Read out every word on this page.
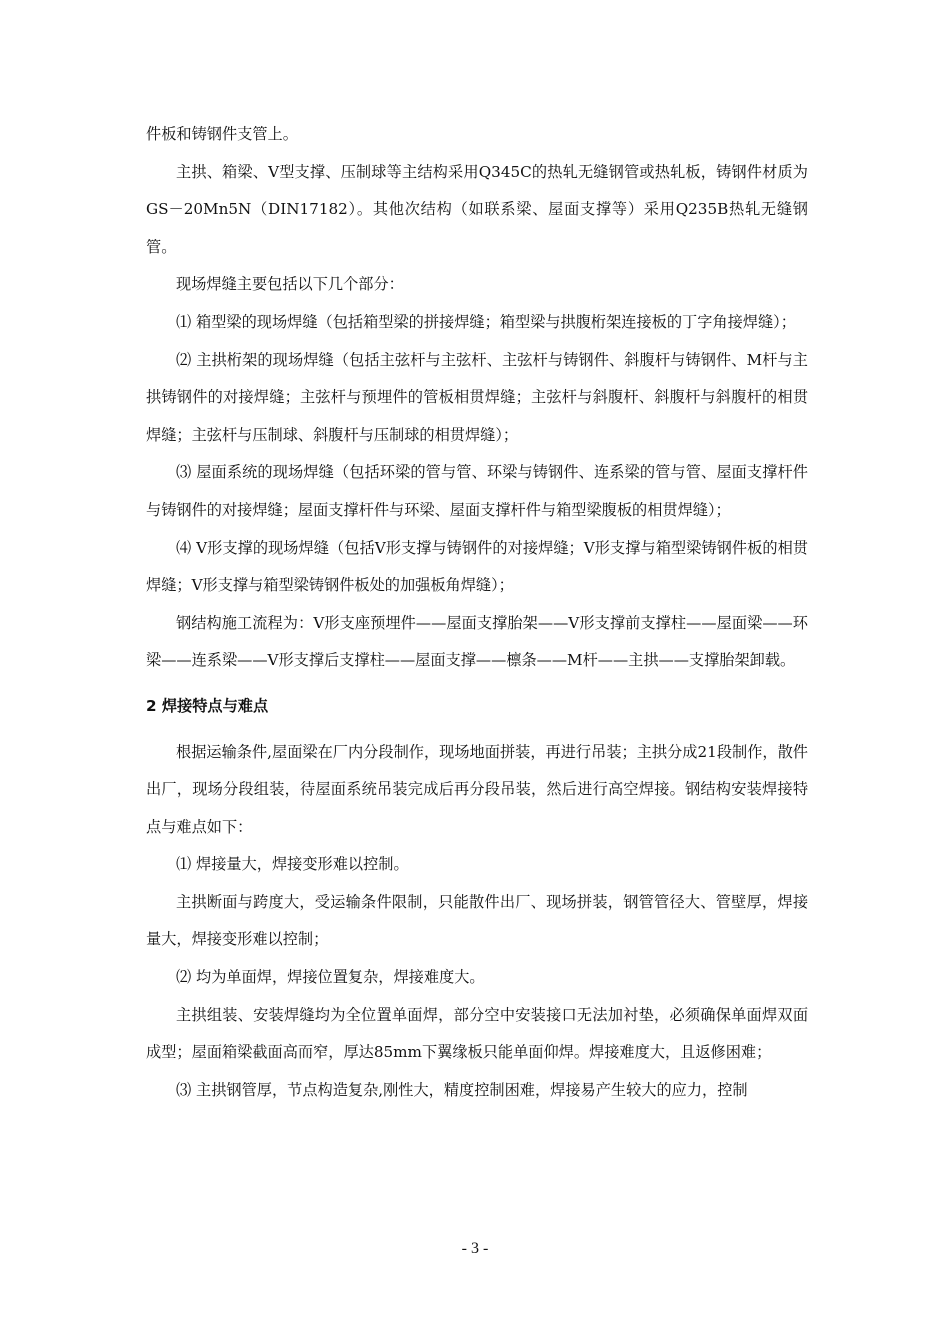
件板和铸钢件支管上。

主拱、箱梁、V型支撑、压制球等主结构采用Q345C的热轧无缝钢管或热轧板，铸钢件材质为GS－20Mn5N（DIN17182）。其他次结构（如联系梁、屋面支撑等）采用Q235B热轧无缝钢管。

现场焊缝主要包括以下几个部分：

⑴ 箱型梁的现场焊缝（包括箱型梁的拼接焊缝；箱型梁与拱腹桁架连接板的丁字角接焊缝）；

⑵ 主拱桁架的现场焊缝（包括主弦杆与主弦杆、主弦杆与铸钢件、斜腹杆与铸钢件、M杆与主拱铸钢件的对接焊缝；主弦杆与预埋件的管板相贯焊缝；主弦杆与斜腹杆、斜腹杆与斜腹杆的相贯焊缝；主弦杆与压制球、斜腹杆与压制球的相贯焊缝）；

⑶ 屋面系统的现场焊缝（包括环梁的管与管、环梁与铸钢件、连系梁的管与管、屋面支撑杆件与铸钢件的对接焊缝；屋面支撑杆件与环梁、屋面支撑杆件与箱型梁腹板的相贯焊缝）；

⑷ V形支撑的现场焊缝（包括V形支撑与铸钢件的对接焊缝；V形支撑与箱型梁铸钢件板的相贯焊缝；V形支撑与箱型梁铸钢件板处的加强板角焊缝）；

钢结构施工流程为：V形支座预埋件——屋面支撑胎架——V形支撑前支撑柱——屋面梁——环梁——连系梁——V形支撑后支撑柱——屋面支撑——檩条——M杆——主拱——支撑胎架卸载。

2 焊接特点与难点

根据运输条件,屋面梁在厂内分段制作，现场地面拼装，再进行吊装；主拱分成21段制作，散件出厂，现场分段组装，待屋面系统吊装完成后再分段吊装，然后进行高空焊接。钢结构安装焊接特点与难点如下：

⑴ 焊接量大，焊接变形难以控制。

主拱断面与跨度大，受运输条件限制，只能散件出厂、现场拼装，钢管管径大、管壁厚，焊接量大，焊接变形难以控制；

⑵ 均为单面焊，焊接位置复杂，焊接难度大。

主拱组装、安装焊缝均为全位置单面焊，部分空中安装接口无法加衬垫，必须确保单面焊双面成型；屋面箱梁截面高而窄，厚达85mm下翼缘板只能单面仰焊。焊接难度大，且返修困难；

⑶ 主拱钢管厚，节点构造复杂,刚性大，精度控制困难，焊接易产生较大的应力，控制

- 3 -
